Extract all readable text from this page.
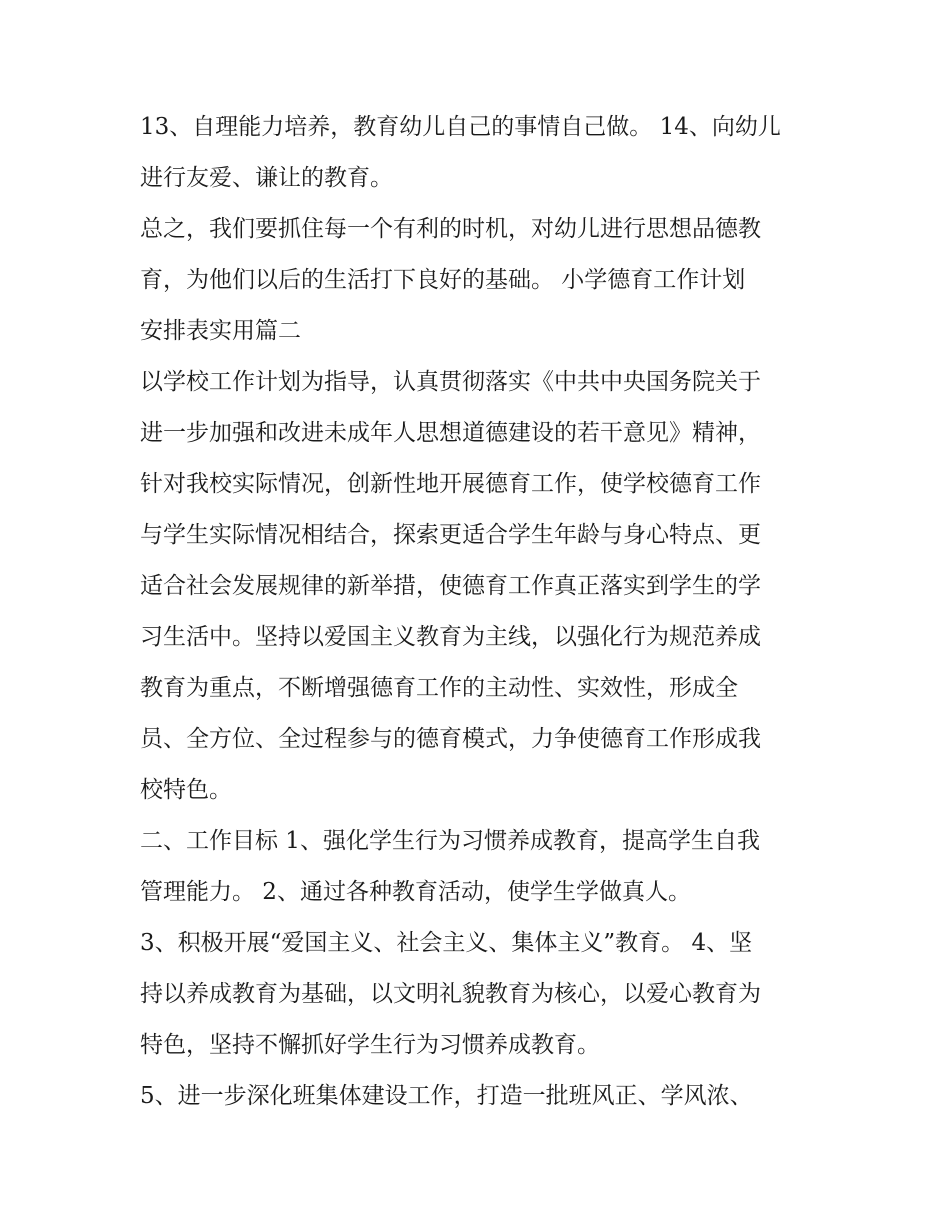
13、自理能力培养，教育幼儿自己的事情自己做。 14、向幼儿

进行友爱、谦让的教育。

总之，我们要抓住每一个有利的时机，对幼儿进行思想品德教

育，为他们以后的生活打下良好的基础。 小学德育工作计划

安排表实用篇二

以学校工作计划为指导，认真贯彻落实《中共中央国务院关于

进一步加强和改进未成年人思想道德建设的若干意见》精神，

针对我校实际情况，创新性地开展德育工作，使学校德育工作

与学生实际情况相结合，探索更适合学生年龄与身心特点、更

适合社会发展规律的新举措，使德育工作真正落实到学生的学

习生活中。坚持以爱国主义教育为主线，以强化行为规范养成

教育为重点，不断增强德育工作的主动性、实效性，形成全

员、全方位、全过程参与的德育模式，力争使德育工作形成我

校特色。

二、工作目标 1、强化学生行为习惯养成教育，提高学生自我

管理能力。 2、通过各种教育活动，使学生学做真人。

3、积极开展“爱国主义、社会主义、集体主义”教育。 4、坚

持以养成教育为基础，以文明礼貌教育为核心，以爱心教育为

特色，坚持不懈抓好学生行为习惯养成教育。

5、进一步深化班集体建设工作，打造一批班风正、学风浓、
